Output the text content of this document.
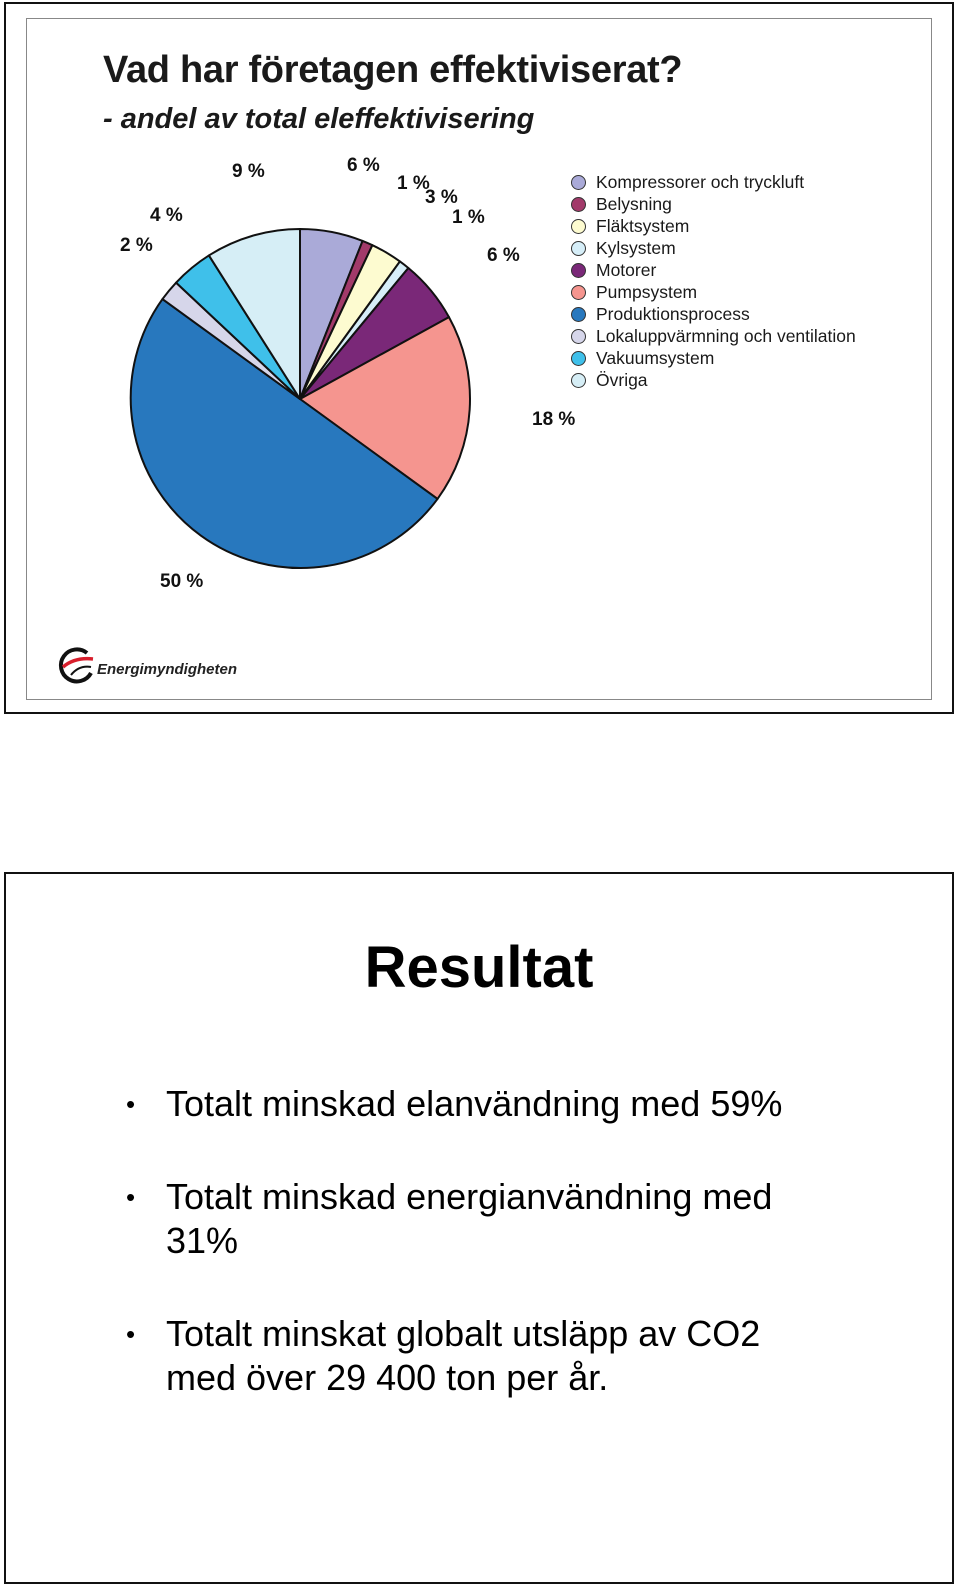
Vad har företagen effektiviserat?
- andel av total eleffektivisering
6 %
1 %
3 %
1 %
6 %
18 %
50 %
2 %
4 %
9 %	Kompressorer och tryckluft
Belysning
Fläktsystem
Kylsystem
Motorer
Pumpsystem
Produktionsprocess
Lokaluppvärmning och ventilation
Vakuumsystem
Övriga
Energimyndigheten
Resultat
• Totalt minskad elanvändning med 59%
• Totalt minskad energianvändning med
31%
• Totalt minskat globalt utsläpp av CO2
med över 29 400 ton per år.
